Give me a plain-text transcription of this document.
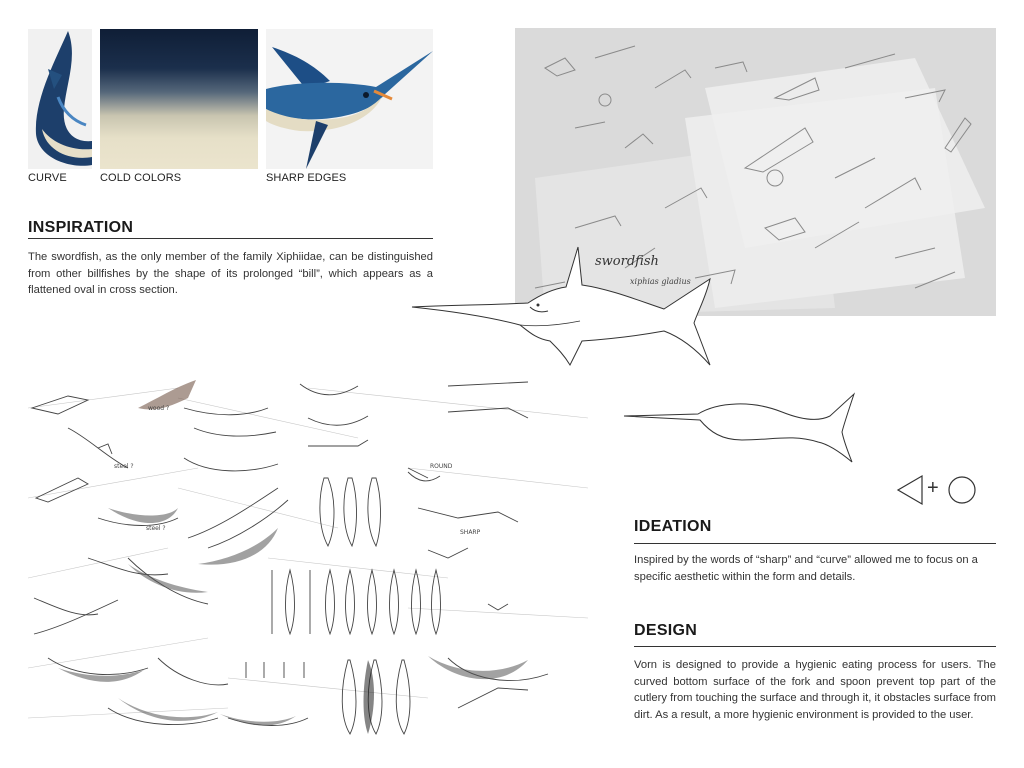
CURVE	COLD COLORS	SHARP EDGES
INSPIRATION
The swordfish, as the only member of the family Xiphiidae, can be distinguished from other billfishes by the shape of its prolonged “bill”, which appears as a flattened oval in cross section.
swordfish
xiphias gladius
wood ?
steel ?
steel ?
ROUND
SHARP
+
IDEATION
Inspired by the words of “sharp” and “curve” allowed me to focus on a specific aesthetic within the form and details.
DESIGN
Vorn is designed to provide a hygienic eating process for users. The curved bottom surface of the fork and spoon prevent top part of the cutlery from touching the surface and through it, it obstacles surface from dirt. As a result, a more hygienic environment is provided to the user.
